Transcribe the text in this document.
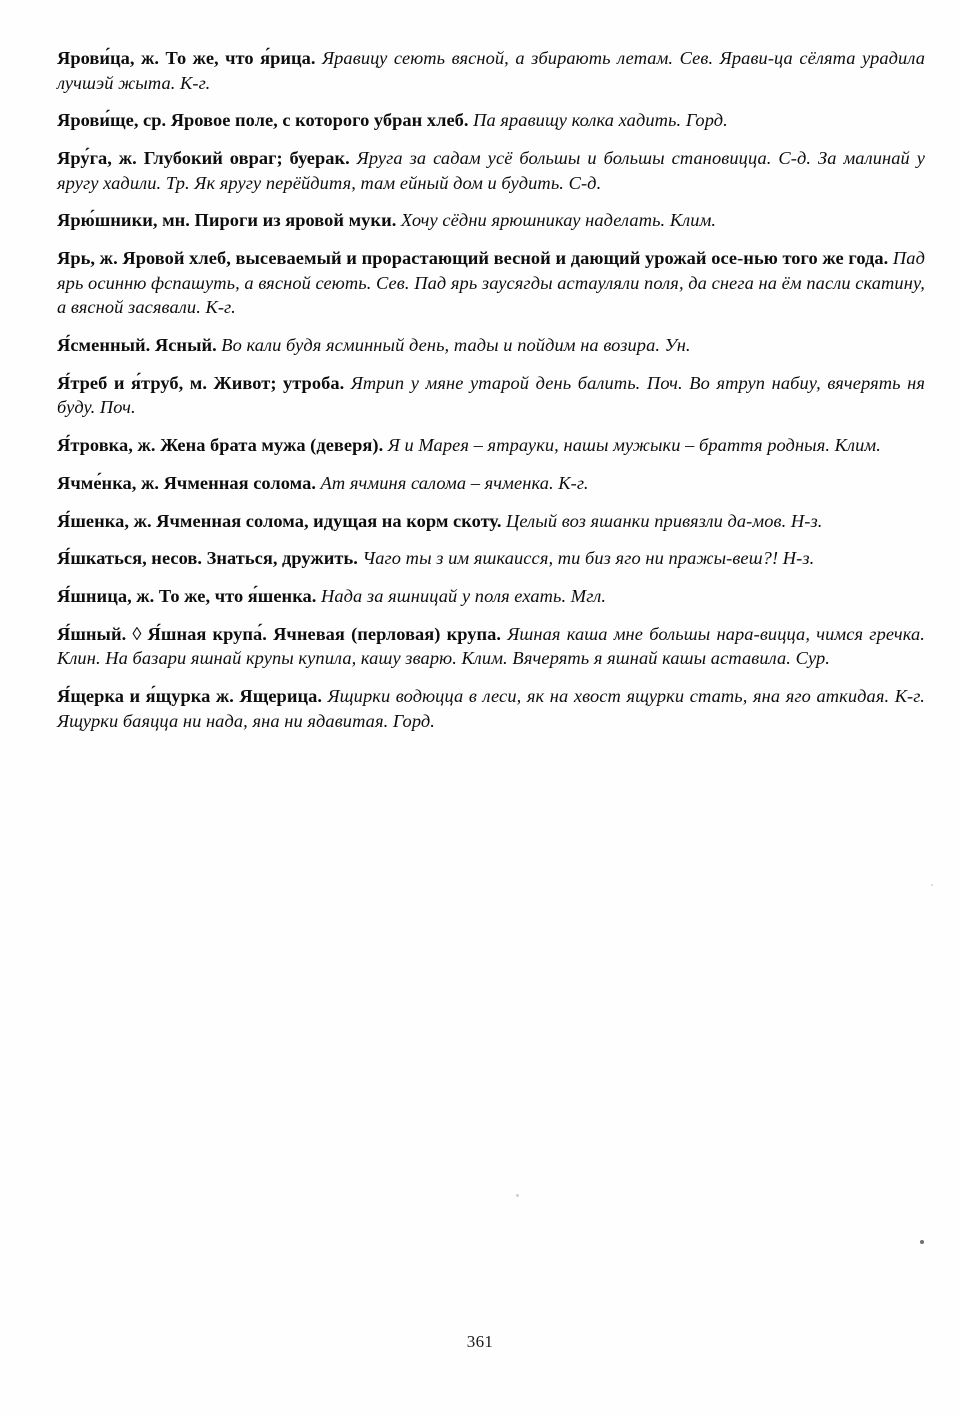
Ярови́ца, ж. То же, что я́рица. Яравицу сеють вясной, а збирають летам. Сев. Ярави-ца сёлята урадила лучшэй жыта. К-г.

Ярови́ще, ср. Яровое поле, с которого убран хлеб. Па яравищу колка хадить. Горд.

Яру́га, ж. Глубокий овраг; буерак. Яруга за садам усё большы и большы становицца. С-д. За малинай у яругу хадили. Тр. Як яругу перёйдитя, там ейный дом и будить. С-д.

Ярю́шники, мн. Пироги из яровой муки. Хочу сёдни ярюшникау наделать. Клим.

Ярь, ж. Яровой хлеб, высеваемый и прорастающий весной и дающий урожай осе-нью того же года. Пад ярь осинню фспашуть, а вясной сеють. Сев. Пад ярь заусягды астауляли поля, да снега на ём пасли скатину, а вясной засявали. К-г.

Я́сменный. Ясный. Во кали будя ясминный день, тады и пойдим на возира. Ун.

Я́треб и я́труб, м. Живот; утроба. Ятрип у мяне утарой день балить. Поч. Во ятруп набиу, вячерять ня буду. Поч.

Я́тровка, ж. Жена брата мужа (деверя). Я и Марея – ятрауки, нашы мужыки – браття родныя. Клим.

Ячме́нка, ж. Ячменная солома. Ат ячминя салома – ячменка. К-г.

Я́шенка, ж. Ячменная солома, идущая на корм скоту. Целый воз яшанки привязли да-мов. Н-з.

Я́шкаться, несов. Знаться, дружить. Чаго ты з им яшкаисся, ти биз яго ни пражы-веш?! Н-з.

Я́шница, ж. То же, что я́шенка. Нада за яшницай у поля ехать. Мгл.

Я́шный. ◊ Я́шная крупа́. Ячневая (перловая) крупа. Яшная каша мне большы нара-вицца, чимся гречка. Клин. На базари яшнай крупы купила, кашу зварю. Клим. Вячерять я яшнай кашы аставила. Сур.

Я́щерка и я́щурка ж. Ящерица. Ящирки водюцца в леси, як на хвост ящурки стать, яна яго аткидая. К-г. Ящурки баяцца ни нада, яна ни ядавитая. Горд.

361
